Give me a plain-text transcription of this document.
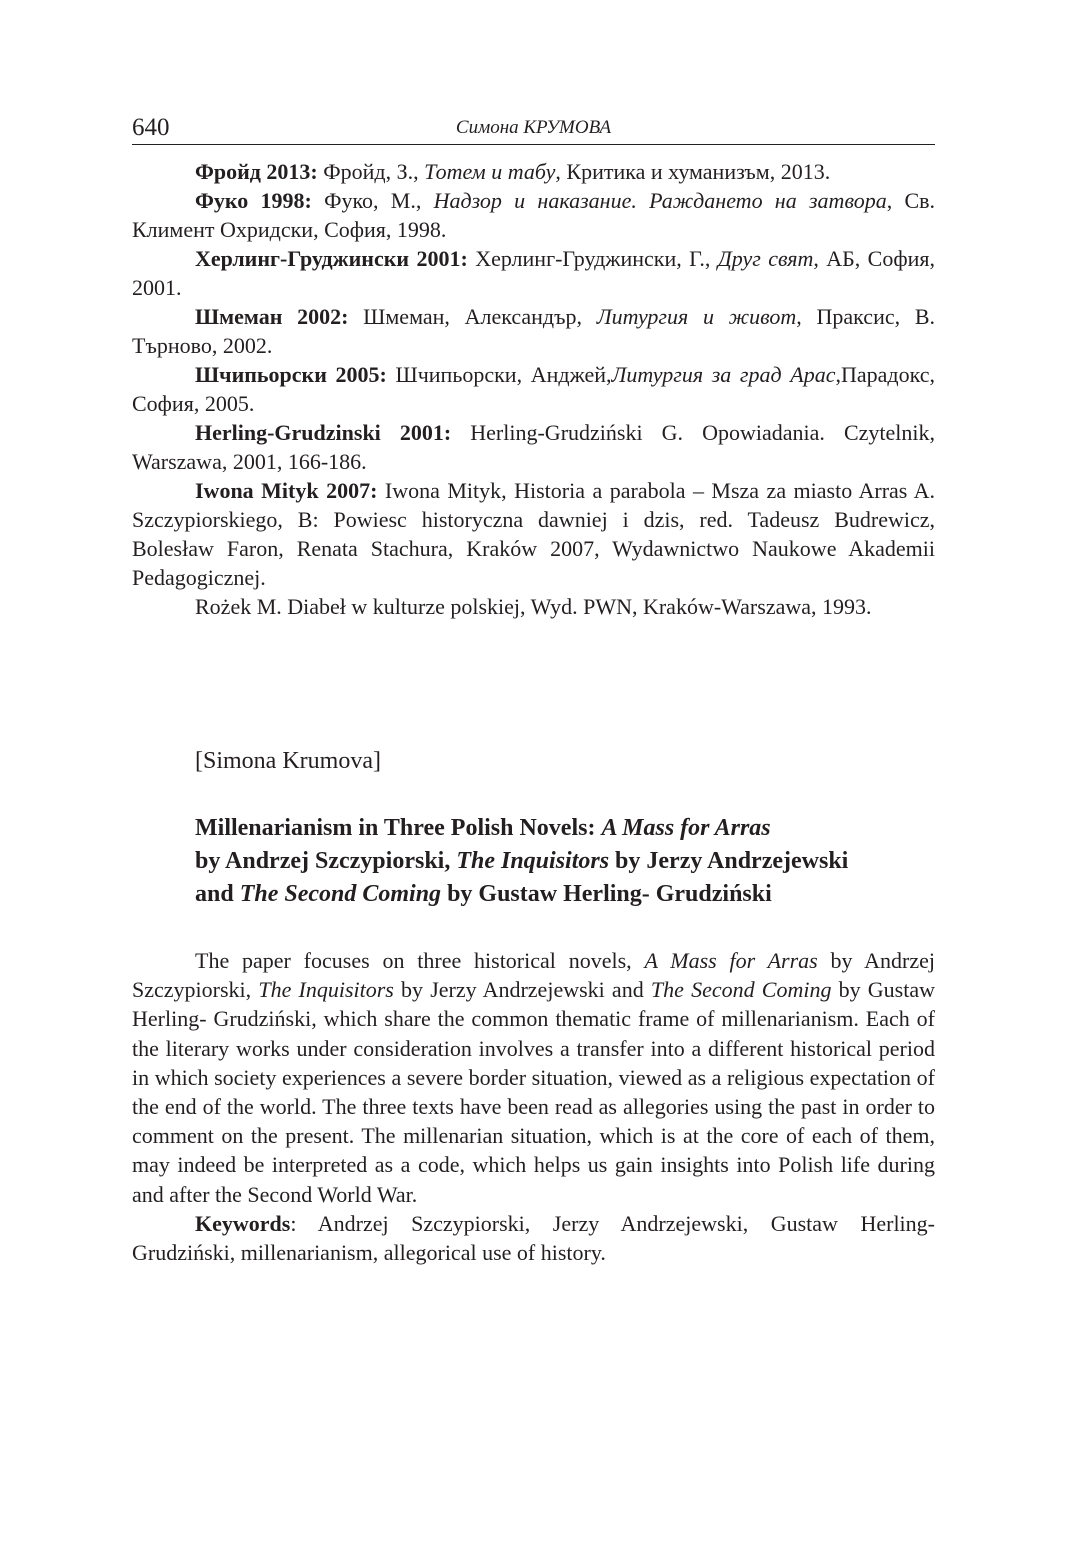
640	Симона КРУМОВА

Фройд 2013: Фройд, З., Тотем и табу, Критика и хуманизъм, 2013.

Фуко 1998: Фуко, М., Надзор и наказание. Раждането на затвора, Св. Климент Охридски, София, 1998.

Херлинг-Груджински 2001: Херлинг-Груджински, Г., Друг свят, АБ, София, 2001.

Шмеман 2002: Шмеман, Александър, Литургия и живот, Праксис, В. Търново, 2002.

Шчипьорски 2005: Шчипьорски, Анджей,Литургия за град Арас,Парадокс, София, 2005.

Herling-Grudzinski 2001: Herling-Grudziński G. Opowiadania. Czytelnik, Warszawa, 2001, 166-186.

Iwona Mityk 2007: Iwona Mityk, Historia a parabola – Msza za miasto Arras A. Szczypiorskiego, B: Powiesc historyczna dawniej i dzis, red. Tadeusz Budrewicz, Bolesław Faron, Renata Stachura, Kraków 2007, Wydawnictwo Naukowe Akademii Pedagogicznej.

Rożek M. Diabeł w kulturze polskiej, Wyd. PWN, Kraków-Warszawa, 1993.

[Simona Krumova]

Millenarianism in Three Polish Novels: A Mass for Arras
by Andrzej Szczypiorski, The Inquisitors by Jerzy Andrzejewski
and The Second Coming by Gustaw Herling- Grudziński

The paper focuses on three historical novels, A Mass for Arras by Andrzej Szczypiorski, The Inquisitors by Jerzy Andrzejewski and The Second Coming by Gustaw Herling- Grudziński, which share the common thematic frame of millenarianism. Each of the literary works under consideration involves a transfer into a different historical period in which society experiences a severe border situation, viewed as a religious expectation of the end of the world. The three texts have been read as allegories using the past in order to comment on the present. The millenarian situation, which is at the core of each of them, may indeed be interpreted as a code, which helps us gain insights into Polish life during and after the Second World War.

Keywords: Andrzej Szczypiorski, Jerzy Andrzejewski, Gustaw Herling-Grudziński, millenarianism, allegorical use of history.
